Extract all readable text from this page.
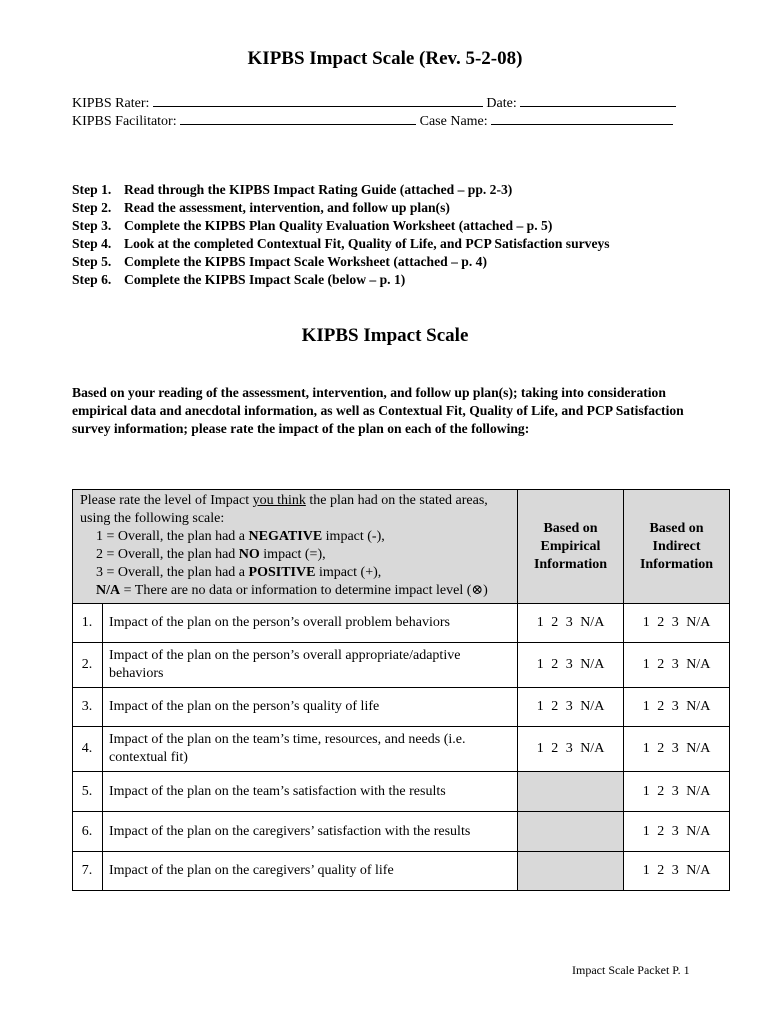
KIPBS Impact Scale (Rev. 5-2-08)
KIPBS Rater:	Date:
KIPBS Facilitator:	Case Name:
Step 1. Read through the KIPBS Impact Rating Guide (attached – pp. 2-3)
Step 2. Read the assessment, intervention, and follow up plan(s)
Step 3. Complete the KIPBS Plan Quality Evaluation Worksheet (attached – p. 5)
Step 4. Look at the completed Contextual Fit, Quality of Life, and PCP Satisfaction surveys
Step 5. Complete the KIPBS Impact Scale Worksheet (attached – p. 4)
Step 6. Complete the KIPBS Impact Scale (below – p. 1)
KIPBS Impact Scale
Based on your reading of the assessment, intervention, and follow up plan(s); taking into consideration empirical data and anecdotal information, as well as Contextual Fit, Quality of Life, and PCP Satisfaction survey information; please rate the impact of the plan on each of the following:
Please rate the level of Impact you think the plan had on the stated areas, using the following scale:
1 = Overall, the plan had a NEGATIVE impact (-),
2 = Overall, the plan had NO impact (=),
3 = Overall, the plan had a POSITIVE impact (+),
N/A = There are no data or information to determine impact level (⊗)		Based on Empirical Information	Based on Indirect Information
1.	Impact of the plan on the person’s overall problem behaviors	1 2 3 N/A	1 2 3 N/A
2.	Impact of the plan on the person’s overall appropriate/adaptive behaviors	1 2 3 N/A	1 2 3 N/A
3.	Impact of the plan on the person’s quality of life	1 2 3 N/A	1 2 3 N/A
4.	Impact of the plan on the team’s time, resources, and needs (i.e. contextual fit)	1 2 3 N/A	1 2 3 N/A
5.	Impact of the plan on the team’s satisfaction with the results		1 2 3 N/A
6.	Impact of the plan on the caregivers’ satisfaction with the results		1 2 3 N/A
7.	Impact of the plan on the caregivers’ quality of life		1 2 3 N/A
Impact Scale Packet P. 1
